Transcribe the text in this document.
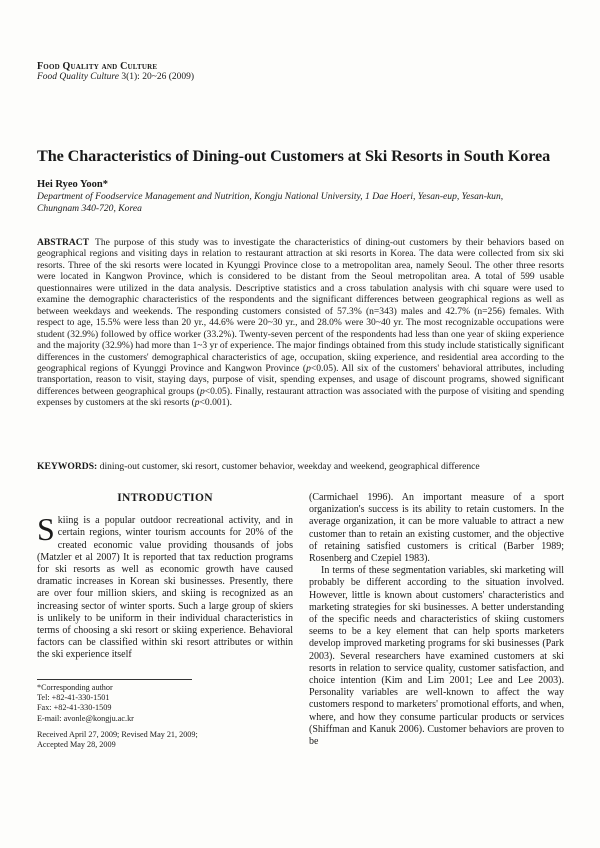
Food Quality and Culture
Food Quality Culture 3(1): 20~26 (2009)
The Characteristics of Dining-out Customers at Ski Resorts in South Korea
Hei Ryeo Yoon*
Department of Foodservice Management and Nutrition, Kongju National University, 1 Dae Hoeri, Yesan-eup, Yesan-kun,
Chungnam 340-720, Korea
ABSTRACT The purpose of this study was to investigate the characteristics of dining-out customers by their behaviors based on geographical regions and visiting days in relation to restaurant attraction at ski resorts in Korea. The data were collected from six ski resorts. Three of the ski resorts were located in Kyunggi Province close to a metropolitan area, namely Seoul. The other three resorts were located in Kangwon Province, which is considered to be distant from the Seoul metropolitan area. A total of 599 usable questionnaires were utilized in the data analysis. Descriptive statistics and a cross tabulation analysis with chi square were used to examine the demographic characteristics of the respondents and the significant differences between geographical regions as well as between weekdays and weekends. The responding customers consisted of 57.3% (n=343) males and 42.7% (n=256) females. With respect to age, 15.5% were less than 20 yr., 44.6% were 20~30 yr., and 28.0% were 30~40 yr. The most recognizable occupations were student (32.9%) followed by office worker (33.2%). Twenty-seven percent of the respondents had less than one year of skiing experience and the majority (32.9%) had more than 1~3 yr of experience. The major findings obtained from this study include statistically significant differences in the customers' demographical characteristics of age, occupation, skiing experience, and residential area according to the geographical regions of Kyunggi Province and Kangwon Province (p<0.05). All six of the customers' behavioral attributes, including transportation, reason to visit, staying days, purpose of visit, spending expenses, and usage of discount programs, showed significant differences between geographical groups (p<0.05). Finally, restaurant attraction was associated with the purpose of visiting and spending expenses by customers at the ski resorts (p<0.001).
KEYWORDS: dining-out customer, ski resort, customer behavior, weekday and weekend, geographical difference
INTRODUCTION
Skiing is a popular outdoor recreational activity, and in certain regions, winter tourism accounts for 20% of the created economic value providing thousands of jobs (Matzler et al 2007) It is reported that tax reduction programs for ski resorts as well as economic growth have caused dramatic increases in Korean ski businesses. Presently, there are over four million skiers, and skiing is recognized as an increasing sector of winter sports. Such a large group of skiers is unlikely to be uniform in their individual characteristics in terms of choosing a ski resort or skiing experience. Behavioral factors can be classified within ski resort attributes or within the ski experience itself

(Carmichael 1996). An important measure of a sport organization's success is its ability to retain customers. In the average organization, it can be more valuable to attract a new customer than to retain an existing customer, and the objective of retaining satisfied customers is critical (Barber 1989; Rosenberg and Czepiel 1983).

In terms of these segmentation variables, ski marketing will probably be different according to the situation involved. However, little is known about customers' characteristics and marketing strategies for ski businesses. A better understanding of the specific needs and characteristics of skiing customers seems to be a key element that can help sports marketers develop improved marketing programs for ski businesses (Park 2003). Several researchers have examined customers at ski resorts in relation to service quality, customer satisfaction, and choice intention (Kim and Lim 2001; Lee and Lee 2003). Personality variables are well-known to affect the way customers respond to marketers' promotional efforts, and when, where, and how they consume particular products or services (Shiffman and Kanuk 2006). Customer behaviors are proven to be

*Corresponding author
Tel: +82-41-330-1501
Fax: +82-41-330-1509
E-mail: avonle@kongju.ac.kr
Received April 27, 2009; Revised May 21, 2009;
Accepted May 28, 2009
